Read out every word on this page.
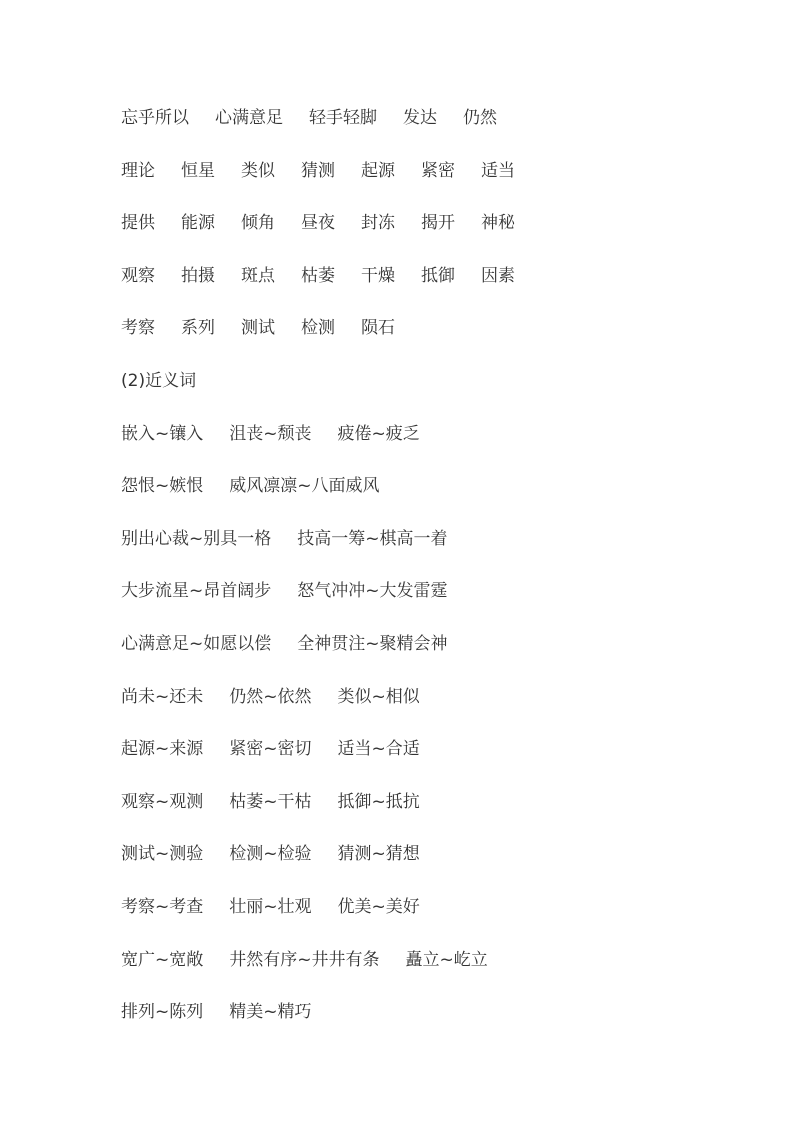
忘乎所以 心满意足 轻手轻脚 发达 仍然
理论 恒星 类似 猜测 起源 紧密 适当
提供 能源 倾角 昼夜 封冻 揭开 神秘
观察 拍摄 斑点 枯萎 干燥 抵御 因素
考察 系列 测试 检测 陨石
(2)近义词
嵌入~镶入 沮丧~颓丧 疲倦~疲乏
怨恨~嫉恨 威风凛凛~八面威风
别出心裁~别具一格 技高一筹~棋高一着
大步流星~昂首阔步 怒气冲冲~大发雷霆
心满意足~如愿以偿 全神贯注~聚精会神
尚未~还未 仍然~依然 类似~相似
起源~来源 紧密~密切 适当~合适
观察~观测 枯萎~干枯 抵御~抵抗
测试~测验 检测~检验 猜测~猜想
考察~考查 壮丽~壮观 优美~美好
宽广~宽敞 井然有序~井井有条 矗立~屹立
排列~陈列 精美~精巧
